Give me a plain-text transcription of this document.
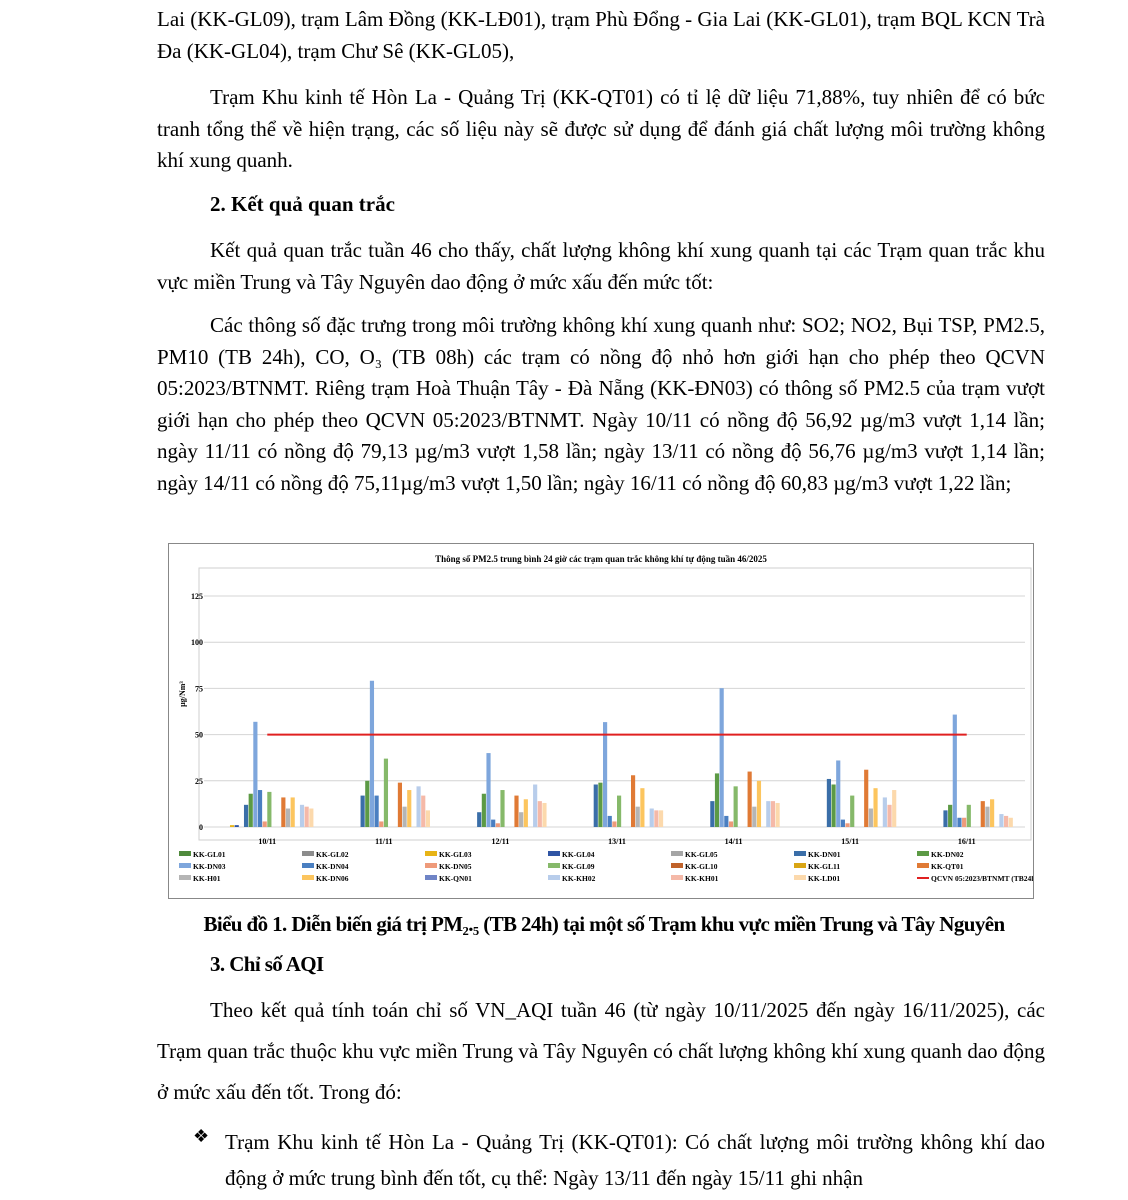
Lai (KK-GL09), trạm Lâm Đồng (KK-LĐ01), trạm Phù Đổng - Gia Lai (KK-GL01), trạm BQL KCN Trà Đa (KK-GL04), trạm Chư Sê (KK-GL05),
Trạm Khu kinh tế Hòn La - Quảng Trị (KK-QT01) có tỉ lệ dữ liệu 71,88%, tuy nhiên để có bức tranh tổng thể về hiện trạng, các số liệu này sẽ được sử dụng để đánh giá chất lượng môi trường không khí xung quanh.
2. Kết quả quan trắc
Kết quả quan trắc tuần 46 cho thấy, chất lượng không khí xung quanh tại các Trạm quan trắc khu vực miền Trung và Tây Nguyên dao động ở mức xấu đến mức tốt:
Các thông số đặc trưng trong môi trường không khí xung quanh như: SO2; NO2, Bụi TSP, PM2.5, PM10 (TB 24h), CO, O₃ (TB 08h) các trạm có nồng độ nhỏ hơn giới hạn cho phép theo QCVN 05:2023/BTNMT. Riêng trạm Hoà Thuận Tây - Đà Nẵng (KK-ĐN03) có thông số PM2.5 của trạm vượt giới hạn cho phép theo QCVN 05:2023/BTNMT. Ngày 10/11 có nồng độ 56,92 µg/m3 vượt 1,14 lần; ngày 11/11 có nồng độ 79,13 µg/m3 vượt 1,58 lần; ngày 13/11 có nồng độ 56,76 µg/m3 vượt 1,14 lần; ngày 14/11 có nồng độ 75,11µg/m3 vượt 1,50 lần; ngày 16/11 có nồng độ 60,83 µg/m3 vượt 1,22 lần;
Thông số PM2.5 trung bình 24 giờ các trạm quan trắc không khí tự động tuần 46/2025
0
25
50
75
100
125
µg/Nm³
10/11	11/11	12/11	13/11	14/11	15/11	16/11
KK-GL01	KK-GL02	KK-GL03	KK-GL04	KK-GL05	KK-DN01	KK-DN02
KK-DN03	KK-DN04	KK-DN05	KK-GL09	KK-GL10	KK-GL11	KK-QT01
KK-H01	KK-DN06	KK-QN01	KK-KH02	KK-KH01	KK-LD01	QCVN 05:2023/BTNMT (TB24h)
Biểu đồ 1. Diễn biến giá trị PM₂.₅ (TB 24h) tại một số Trạm khu vực miền Trung và Tây Nguyên
3. Chỉ số AQI
Theo kết quả tính toán chỉ số VN_AQI tuần 46 (từ ngày 10/11/2025 đến ngày 16/11/2025), các Trạm quan trắc thuộc khu vực miền Trung và Tây Nguyên có chất lượng không khí xung quanh dao động ở mức xấu đến tốt. Trong đó:
❖ Trạm Khu kinh tế Hòn La - Quảng Trị (KK-QT01): Có chất lượng môi trường không khí dao động ở mức trung bình đến tốt, cụ thể: Ngày 13/11 đến ngày 15/11 ghi nhận
